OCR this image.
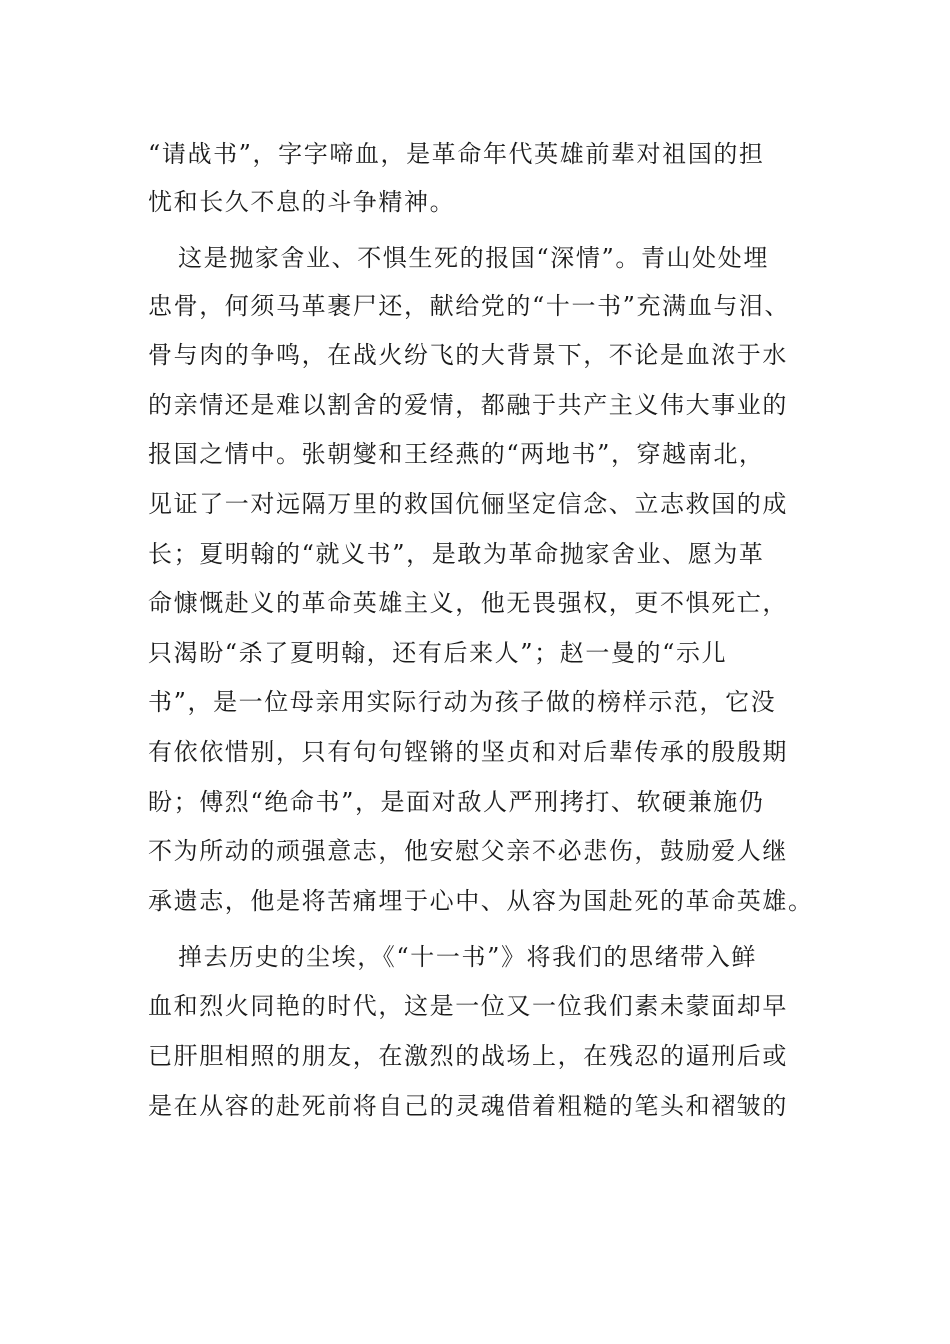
“请战书”，字字啼血，是革命年代英雄前辈对祖国的担

忧和长久不息的斗争精神。

这是抛家舍业、不惧生死的报国“深情”。青山处处埋

忠骨，何须马革裹尸还，献给党的“十一书”充满血与泪、

骨与肉的争鸣，在战火纷飞的大背景下，不论是血浓于水

的亲情还是难以割舍的爱情，都融于共产主义伟大事业的

报国之情中。张朝燮和王经燕的“两地书”，穿越南北，

见证了一对远隔万里的救国伉俪坚定信念、立志救国的成

长；夏明翰的“就义书”，是敢为革命抛家舍业、愿为革

命慷慨赴义的革命英雄主义，他无畏强权，更不惧死亡，

只渴盼“杀了夏明翰，还有后来人”；赵一曼的“示儿

书”，是一位母亲用实际行动为孩子做的榜样示范，它没

有依依惜别，只有句句铿锵的坚贞和对后辈传承的殷殷期

盼；傅烈“绝命书”，是面对敌人严刑拷打、软硬兼施仍

不为所动的顽强意志，他安慰父亲不必悲伤，鼓励爱人继

承遗志，他是将苦痛埋于心中、从容为国赴死的革命英雄。

掸去历史的尘埃，《“十一书”》将我们的思绪带入鲜

血和烈火同艳的时代，这是一位又一位我们素未蒙面却早

已肝胆相照的朋友，在激烈的战场上，在残忍的逼刑后或

是在从容的赴死前将自己的灵魂借着粗糙的笔头和褶皱的
